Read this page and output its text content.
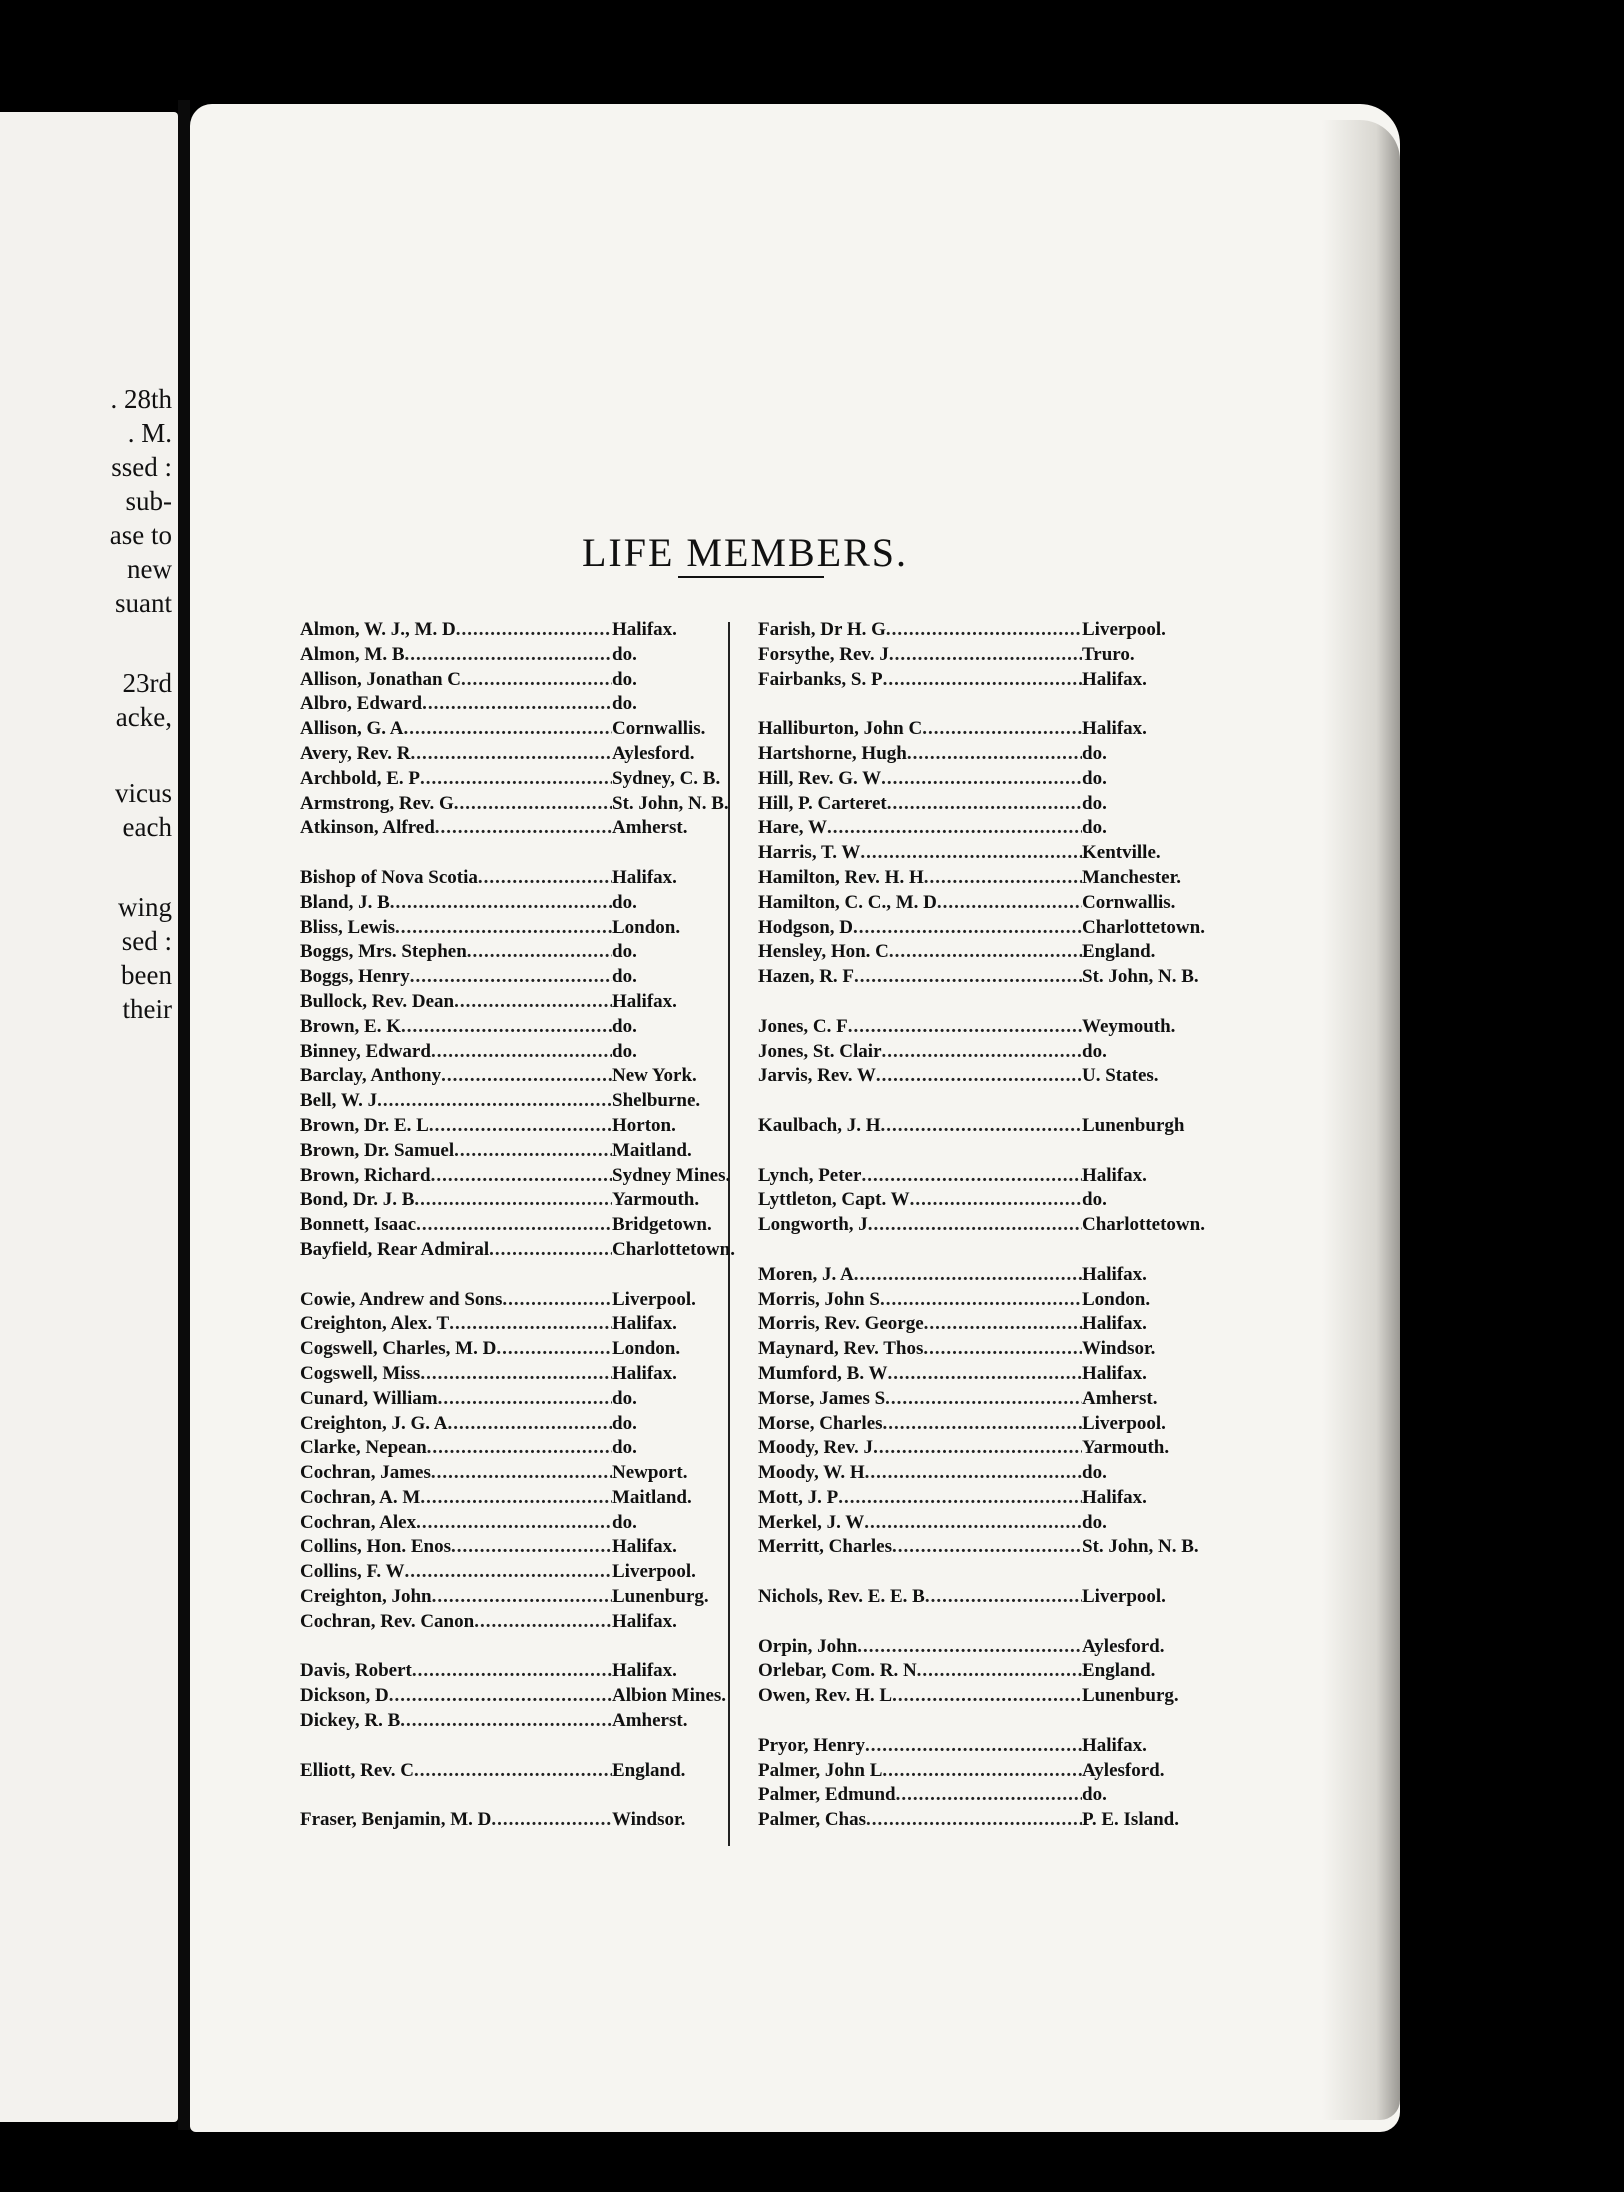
. 28th
. M.
ssed :
sub-
ase to
new
suant
23rd
acke,
vicus
each
wing
sed :
been
their
LIFE MEMBERS.
Almon, W. J., M. D .....	Halifax.
Almon, M. B .....	do.
Allison, Jonathan C .....	do.
Albro, Edward .....	do.
Allison, G. A .....	Cornwallis.
Avery, Rev. R .....	Aylesford.
Archbold, E. P .....	Sydney, C. B.
Armstrong, Rev. G .....	St. John, N. B.
Atkinson, Alfred .....	Amherst.
Bishop of Nova Scotia .....	Halifax.
Bland, J. B .....	do.
Bliss, Lewis .....	London.
Boggs, Mrs. Stephen .....	do.
Boggs, Henry .....	do.
Bullock, Rev. Dean .....	Halifax.
Brown, E. K .....	do.
Binney, Edward .....	do.
Barclay, Anthony .....	New York.
Bell, W. J .....	Shelburne.
Brown, Dr. E. L .....	Horton.
Brown, Dr. Samuel .....	Maitland.
Brown, Richard .....	Sydney Mines.
Bond, Dr. J. B .....	Yarmouth.
Bonnett, Isaac .....	Bridgetown.
Bayfield, Rear Admiral .....	Charlottetown.
Cowie, Andrew and Sons .....	Liverpool.
Creighton, Alex. T .....	Halifax.
Cogswell, Charles, M. D .....	London.
Cogswell, Miss .....	Halifax.
Cunard, William .....	do.
Creighton, J. G. A .....	do.
Clarke, Nepean .....	do.
Cochran, James .....	Newport.
Cochran, A. M .....	Maitland.
Cochran, Alex .....	do.
Collins, Hon. Enos .....	Halifax.
Collins, F. W .....	Liverpool.
Creighton, John .....	Lunenburg.
Cochran, Rev. Canon .....	Halifax.
Davis, Robert .....	Halifax.
Dickson, D .....	Albion Mines.
Dickey, R. B .....	Amherst.
Elliott, Rev. C .....	England.
Fraser, Benjamin, M. D .....	Windsor.
Farish, Dr H. G .....	Liverpool.
Forsythe, Rev. J .....	Truro.
Fairbanks, S. P .....	Halifax.
Halliburton, John C .....	Halifax.
Hartshorne, Hugh .....	do.
Hill, Rev. G. W .....	do.
Hill, P. Carteret .....	do.
Hare, W .....	do.
Harris, T. W .....	Kentville.
Hamilton, Rev. H. H .....	Manchester.
Hamilton, C. C., M. D .....	Cornwallis.
Hodgson, D .....	Charlottetown.
Hensley, Hon. C .....	England.
Hazen, R. F .....	St. John, N. B.
Jones, C. F .....	Weymouth.
Jones, St. Clair .....	do.
Jarvis, Rev. W .....	U. States.
Kaulbach, J. H .....	Lunenburgh
Lynch, Peter .....	Halifax.
Lyttleton, Capt. W .....	do.
Longworth, J .....	Charlottetown.
Moren, J. A .....	Halifax.
Morris, John S .....	London.
Morris, Rev. George .....	Halifax.
Maynard, Rev. Thos .....	Windsor.
Mumford, B. W .....	Halifax.
Morse, James S .....	Amherst.
Morse, Charles .....	Liverpool.
Moody, Rev. J .....	Yarmouth.
Moody, W. H .....	do.
Mott, J. P .....	Halifax.
Merkel, J. W .....	do.
Merritt, Charles .....	St. John, N. B.
Nichols, Rev. E. E. B .....	Liverpool.
Orpin, John .....	Aylesford.
Orlebar, Com. R. N .....	England.
Owen, Rev. H. L .....	Lunenburg.
Pryor, Henry .....	Halifax.
Palmer, John L .....	Aylesford.
Palmer, Edmund .....	do.
Palmer, Chas .....	P. E. Island.
